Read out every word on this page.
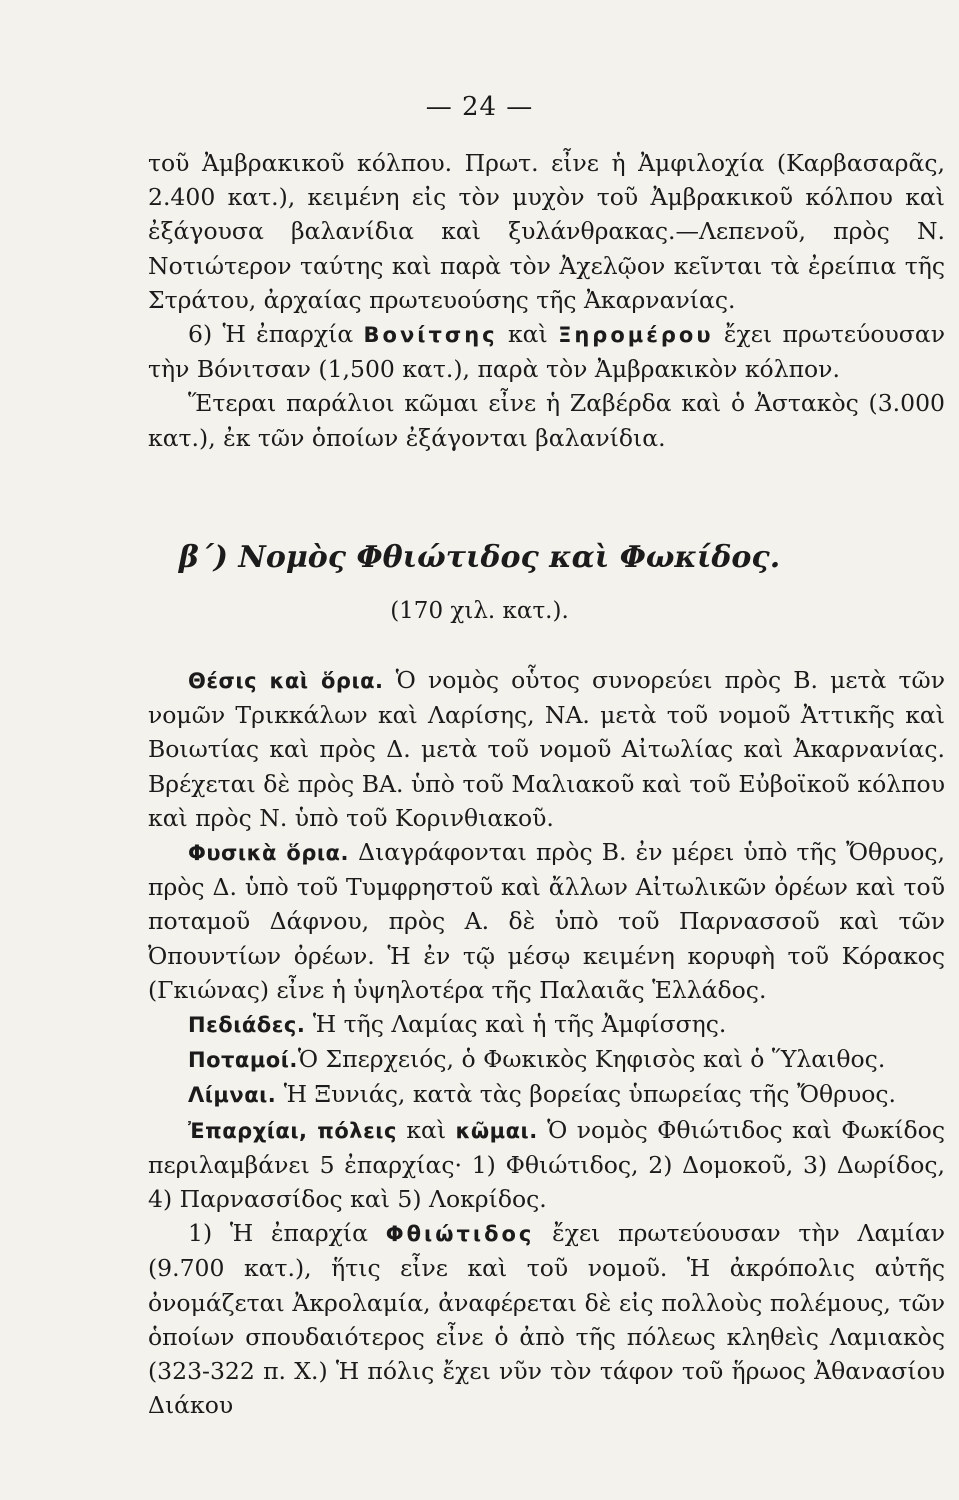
— 24 —

τοῦ Ἀμβρακικοῦ κόλπου. Πρωτ. εἶνε ἡ Ἀμφιλοχία (Καρβασαρᾶς, 2.400 κατ.), κειμένη εἰς τὸν μυχὸν τοῦ Ἀμβρακικοῦ κόλπου καὶ ἐξάγουσα βαλανίδια καὶ ξυλάνθρακας.—Λεπενοῦ, πρὸς Ν. Νοτιώτερον ταύτης καὶ παρὰ τὸν Ἀχελῷον κεῖνται τὰ ἐρείπια τῆς Στράτου, ἀρχαίας πρωτευούσης τῆς Ἀκαρνανίας.

6) Ἡ ἐπαρχία Βονίτσης καὶ Ξηρομέρου ἔχει πρωτεύουσαν τὴν Βόνιτσαν (1,500 κατ.), παρὰ τὸν Ἀμβρακικὸν κόλπον.

Ἕτεραι παράλιοι κῶμαι εἶνε ἡ Ζαβέρδα καὶ ὁ Ἀστακὸς (3.000 κατ.), ἐκ τῶν ὁποίων ἐξάγονται βαλανίδια.

β΄) Νομὸς Φθιώτιδος καὶ Φωκίδος.
(170 χιλ. κατ.).

Θέσις καὶ ὅρια. Ὁ νομὸς οὗτος συνορεύει πρὸς Β. μετὰ τῶν νομῶν Τρικκάλων καὶ Λαρίσης, ΝΑ. μετὰ τοῦ νομοῦ Ἀττικῆς καὶ Βοιωτίας καὶ πρὸς Δ. μετὰ τοῦ νομοῦ Αἰτωλίας καὶ Ἀκαρνανίας. Βρέχεται δὲ πρὸς ΒΑ. ὑπὸ τοῦ Μαλιακοῦ καὶ τοῦ Εὐβοϊκοῦ κόλπου καὶ πρὸς Ν. ὑπὸ τοῦ Κορινθιακοῦ.

Φυσικὰ ὅρια. Διαγράφονται πρὸς Β. ἐν μέρει ὑπὸ τῆς Ὄθρυος, πρὸς Δ. ὑπὸ τοῦ Τυμφρηστοῦ καὶ ἄλλων Αἰτωλικῶν ὀρέων καὶ τοῦ ποταμοῦ Δάφνου, πρὸς Α. δὲ ὑπὸ τοῦ Παρνασσοῦ καὶ τῶν Ὀπουντίων ὀρέων. Ἡ ἐν τῷ μέσῳ κειμένη κορυφὴ τοῦ Κόρακος (Γκιώνας) εἶνε ἡ ὑψηλοτέρα τῆς Παλαιᾶς Ἑλλάδος.

Πεδιάδες. Ἡ τῆς Λαμίας καὶ ἡ τῆς Ἀμφίσσης.

Ποταμοί.Ὁ Σπερχειός, ὁ Φωκικὸς Κηφισὸς καὶ ὁ Ὕλαιθος.

Λίμναι. Ἡ Ξυνιάς, κατὰ τὰς βορείας ὑπωρείας τῆς Ὄθρυος.

Ἐπαρχίαι, πόλεις καὶ κῶμαι. Ὁ νομὸς Φθιώτιδος καὶ Φωκίδος περιλαμβάνει 5 ἐπαρχίας· 1) Φθιώτιδος, 2) Δομοκοῦ, 3) Δωρίδος, 4) Παρνασσίδος καὶ 5) Λοκρίδος.

1) Ἡ ἐπαρχία Φθιώτιδος ἔχει πρωτεύουσαν τὴν Λαμίαν (9.700 κατ.), ἥτις εἶνε καὶ τοῦ νομοῦ. Ἡ ἀκρόπολις αὐτῆς ὀνομάζεται Ἀκρολαμία, ἀναφέρεται δὲ εἰς πολλοὺς πολέμους, τῶν ὁποίων σπουδαιότερος εἶνε ὁ ἀπὸ τῆς πόλεως κληθεὶς Λαμιακὸς (323-322 π. Χ.) Ἡ πόλις ἔχει νῦν τὸν τάφον τοῦ ἥρωος Ἀθανασίου Διάκου
